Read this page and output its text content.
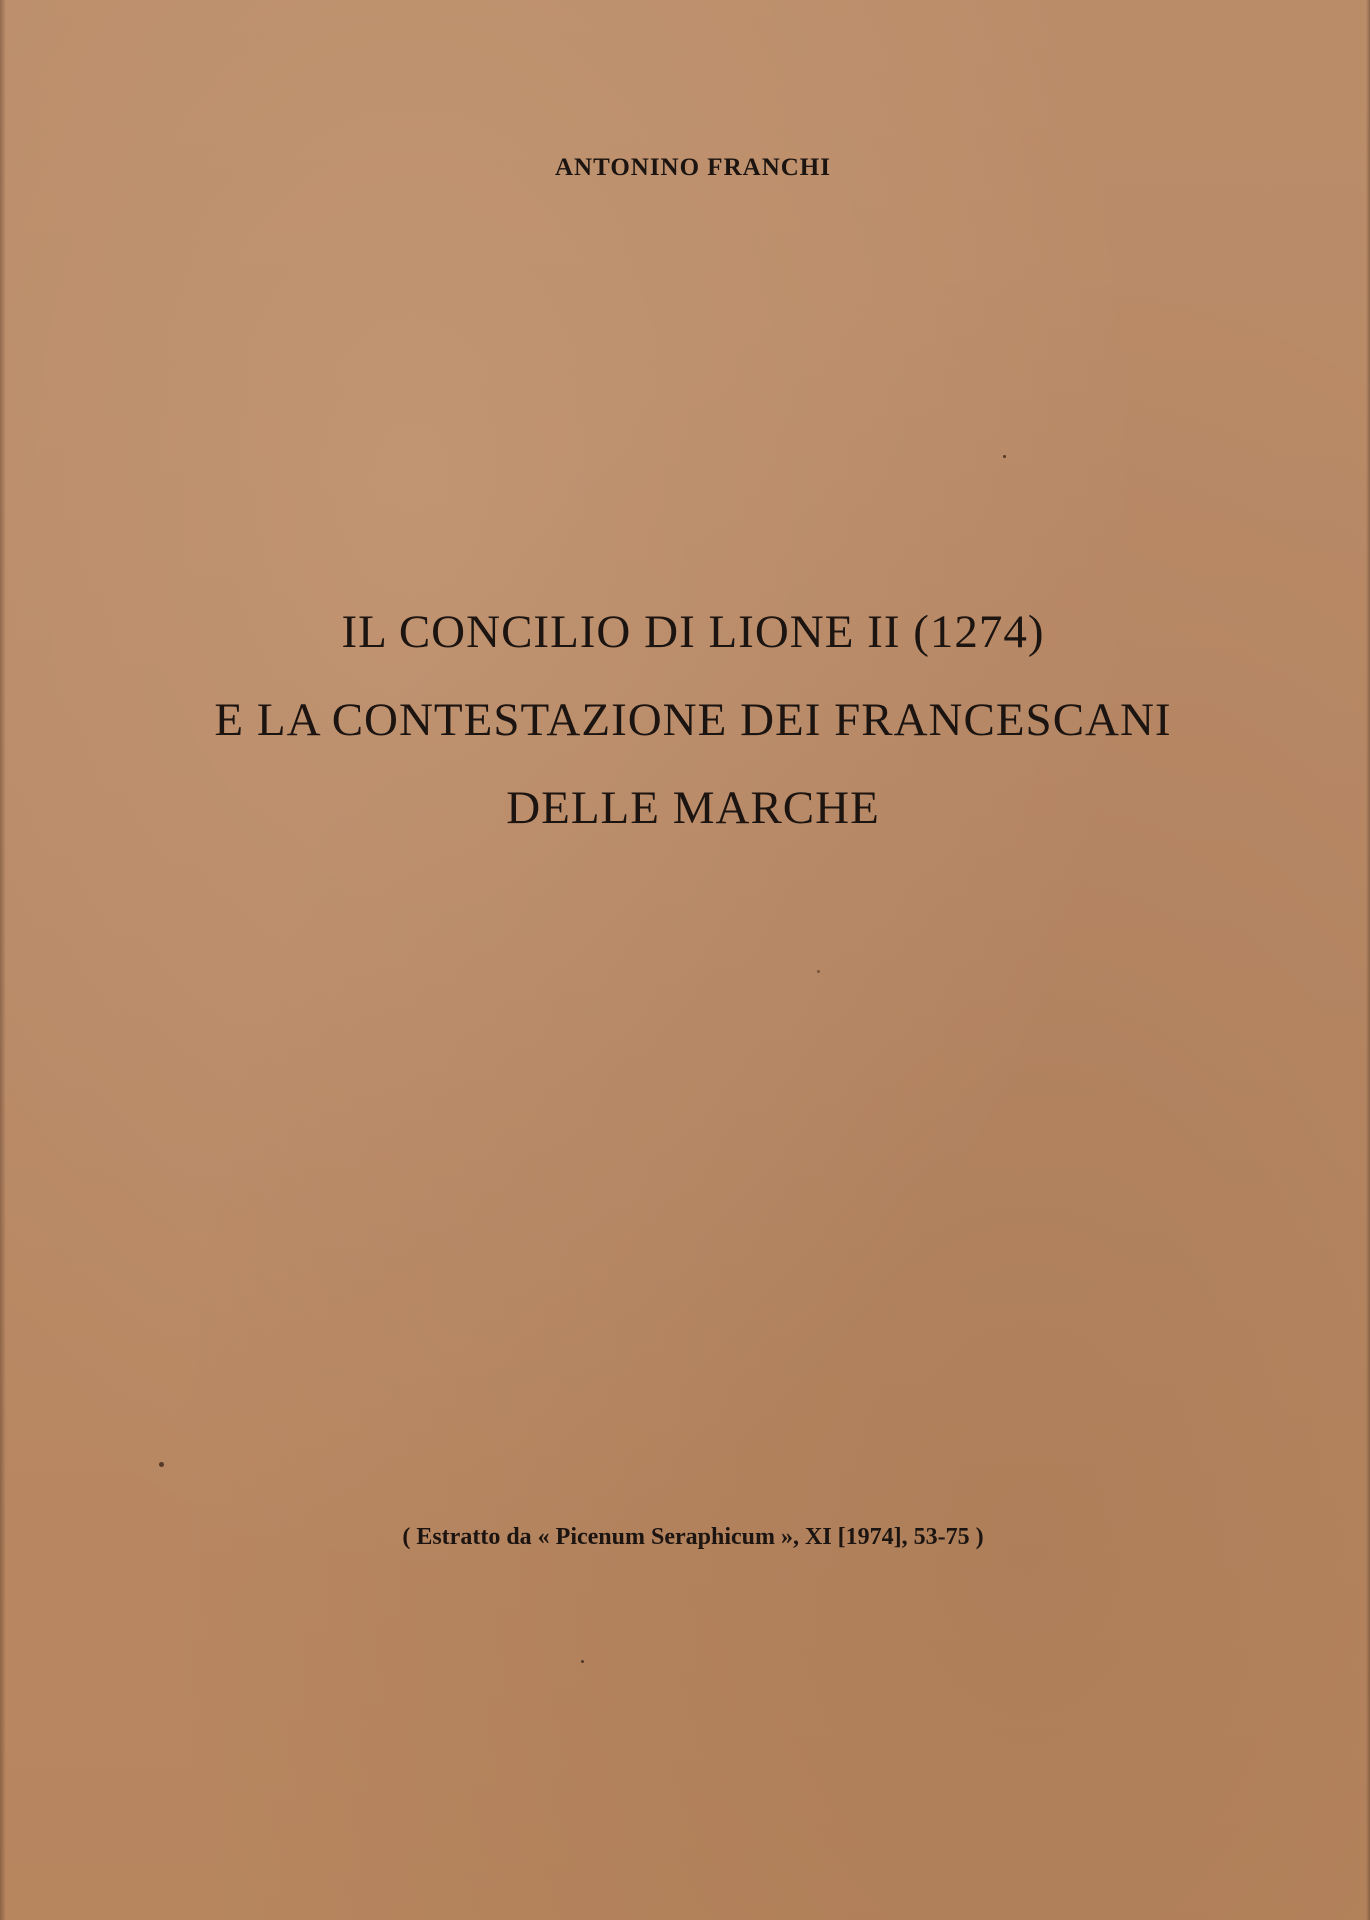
ANTONINO FRANCHI
IL CONCILIO DI LIONE II (1274)
E LA CONTESTAZIONE DEI FRANCESCANI
DELLE MARCHE
( Estratto da « Picenum Seraphicum », XI [1974], 53-75 )
